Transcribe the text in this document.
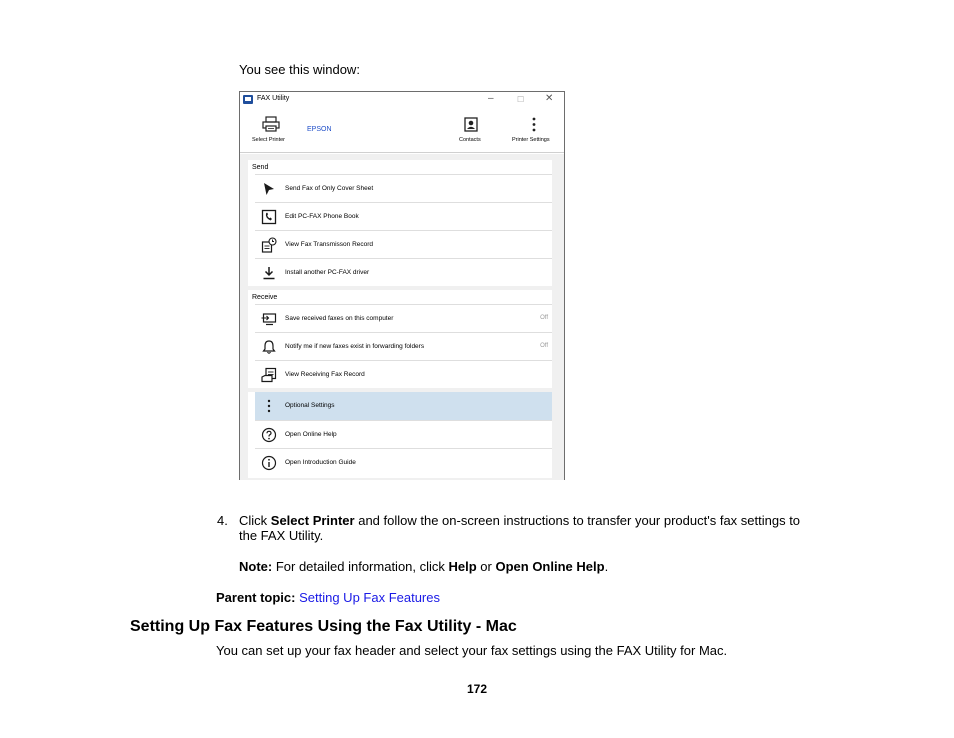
You see this window:
FAX Utility	–	☐ ✕
Select Printer
EPSON
Contacts	Printer Settings
Send
Send Fax of Only Cover Sheet
Edit PC-FAX Phone Book
View Fax Transmisson Record
Install another PC-FAX driver
Receive
Save received faxes on this computer	Off
Notify me if new faxes exist in forwarding folders	Off
View Receiving Fax Record
Optional Settings
Open Online Help
Open Introduction Guide
4. Click Select Printer and follow the on-screen instructions to transfer your product's fax settings to
the FAX Utility.
Note: For detailed information, click Help or Open Online Help.
Parent topic: Setting Up Fax Features
Setting Up Fax Features Using the Fax Utility - Mac
You can set up your fax header and select your fax settings using the FAX Utility for Mac.
172
